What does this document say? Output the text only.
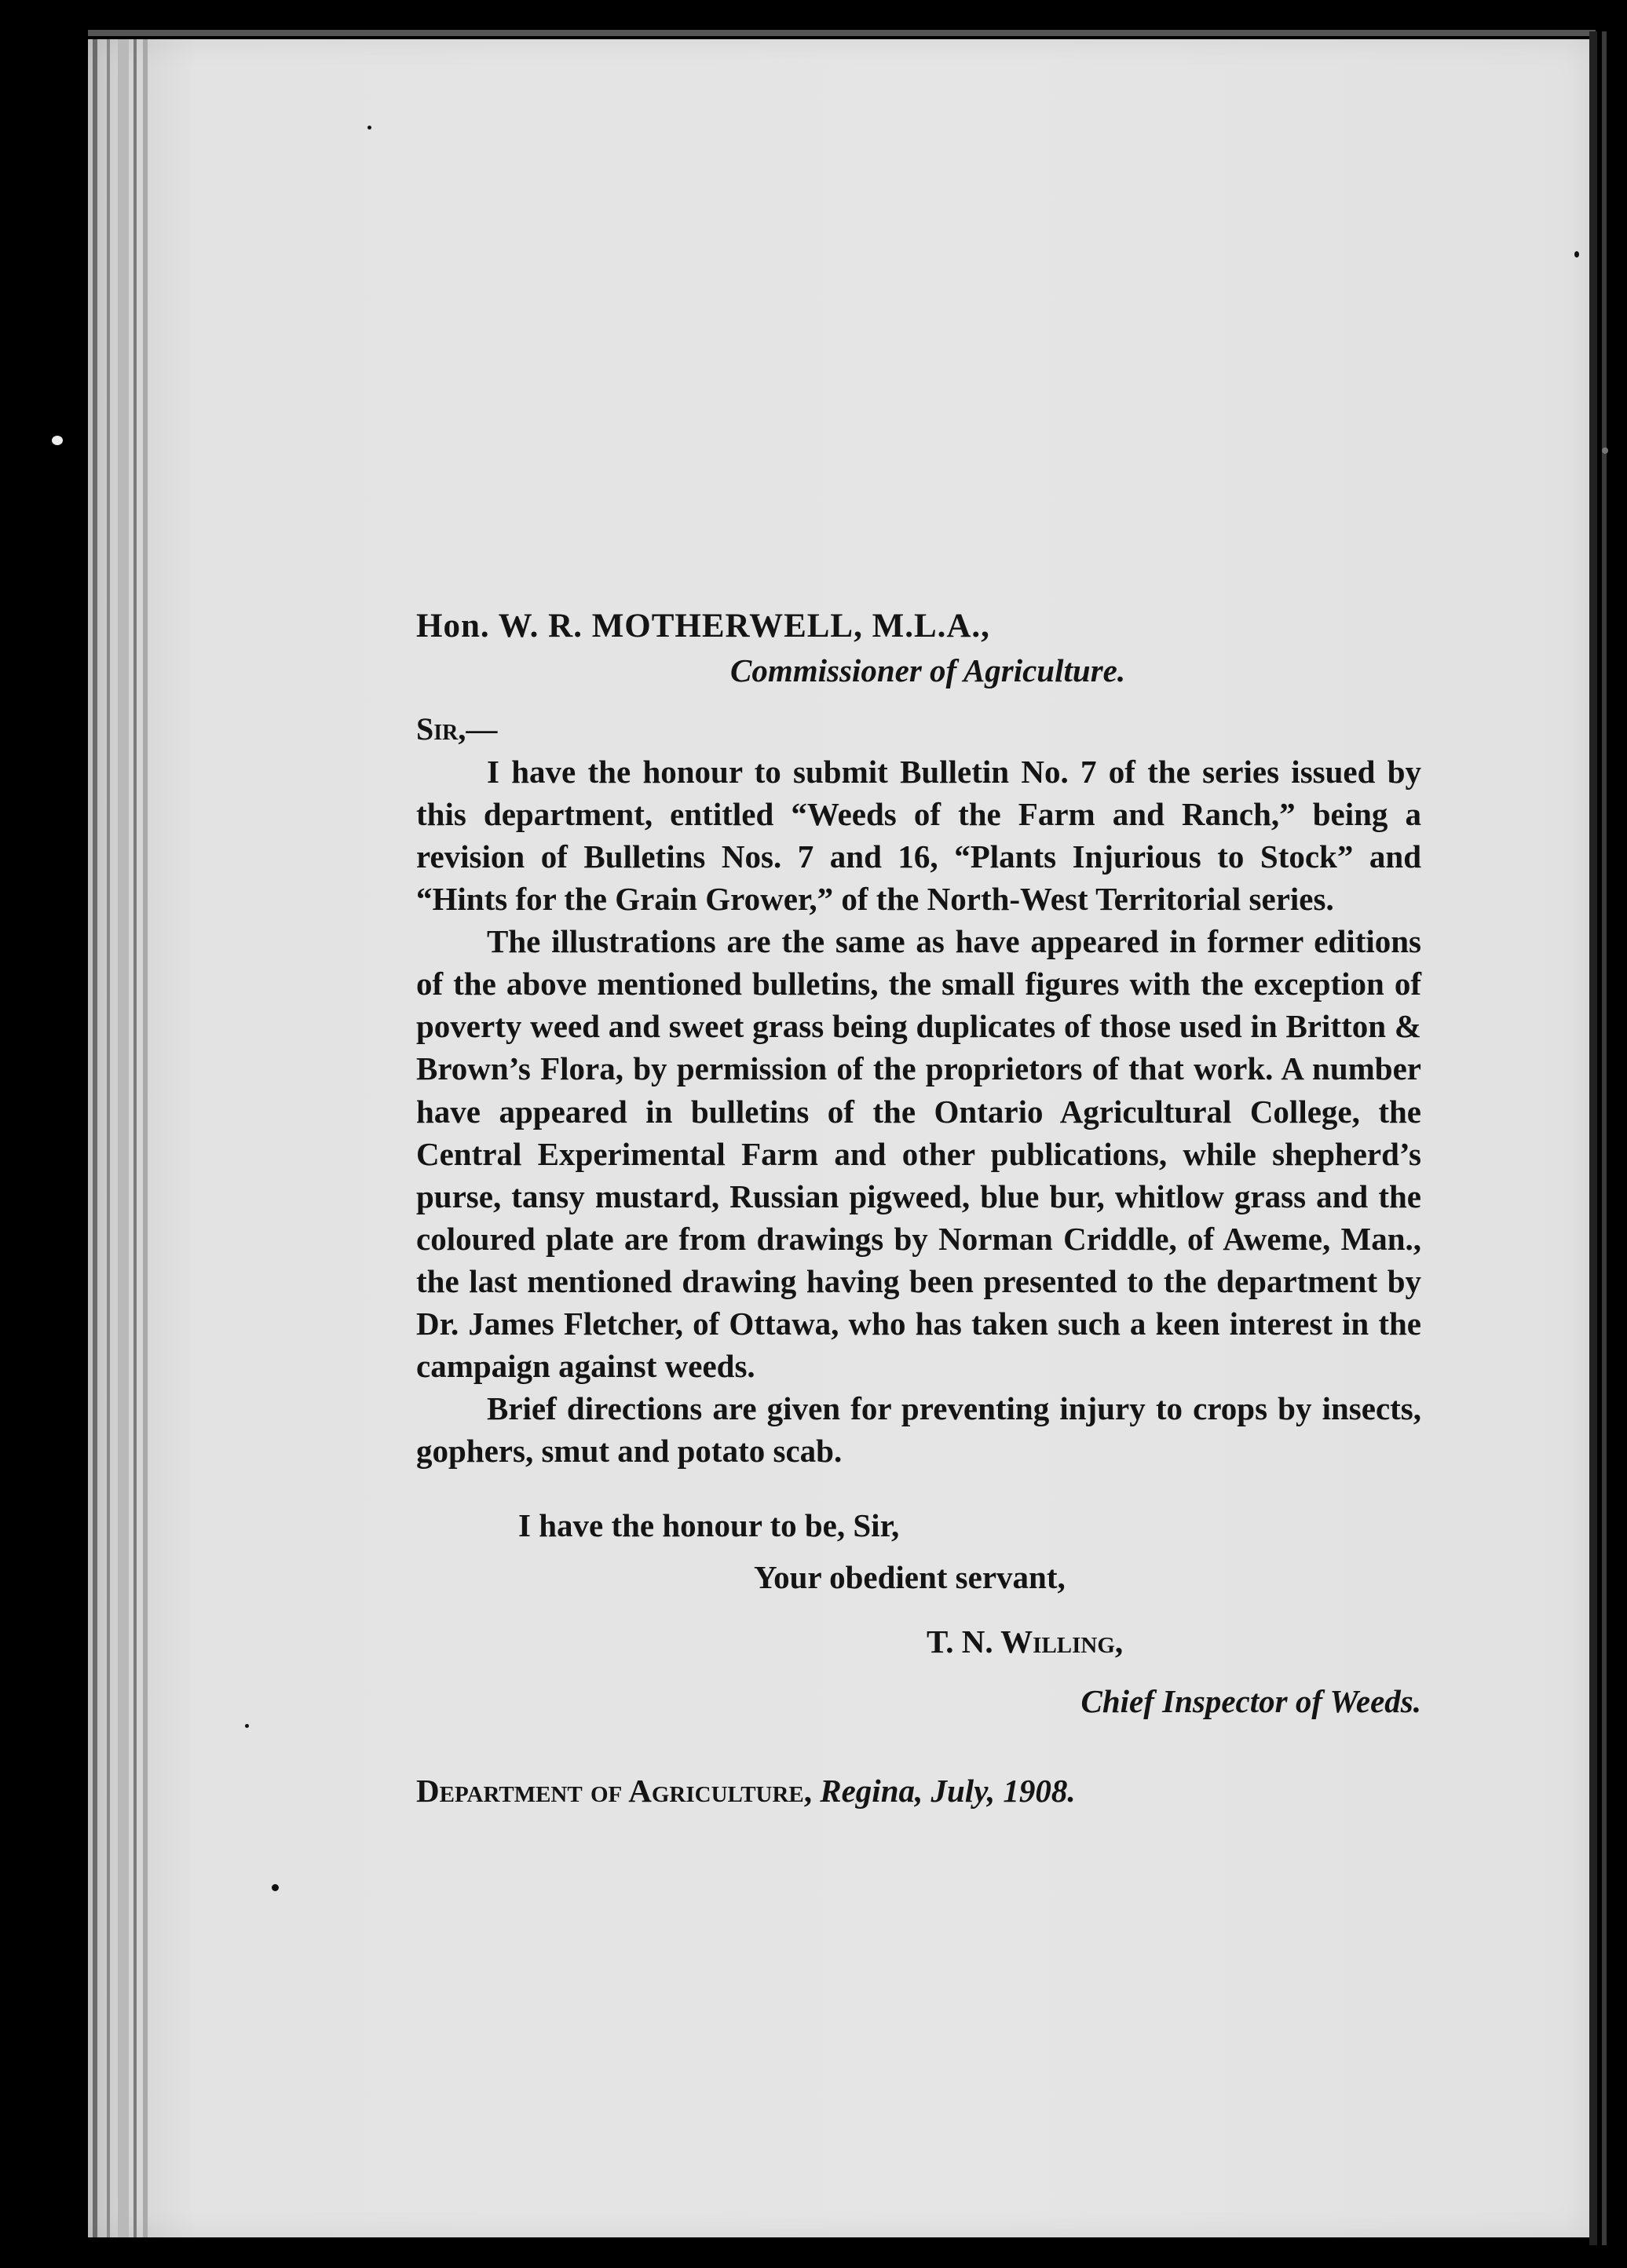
Hon. W. R. MOTHERWELL, M.L.A.,

Commissioner of Agriculture.

Sir,—

I have the honour to submit Bulletin No. 7 of the series issued by this department, entitled “Weeds of the Farm and Ranch,” being a revision of Bulletins Nos. 7 and 16, “Plants Injurious to Stock” and “Hints for the Grain Grower,” of the North-West Territorial series.

The illustrations are the same as have appeared in former editions of the above mentioned bulletins, the small figures with the exception of poverty weed and sweet grass being duplicates of those used in Britton & Brown’s Flora, by permission of the proprietors of that work. A number have appeared in bulletins of the Ontario Agricultural College, the Central Experimental Farm and other publications, while shepherd’s purse, tansy mustard, Russian pigweed, blue bur, whitlow grass and the coloured plate are from drawings by Norman Criddle, of Aweme, Man., the last mentioned drawing having been presented to the department by Dr. James Fletcher, of Ottawa, who has taken such a keen interest in the campaign against weeds.

Brief directions are given for preventing injury to crops by insects, gophers, smut and potato scab.

I have the honour to be, Sir,

Your obedient servant,

T. N. Willing,

Chief Inspector of Weeds.

Department of Agriculture, Regina, July, 1908.
